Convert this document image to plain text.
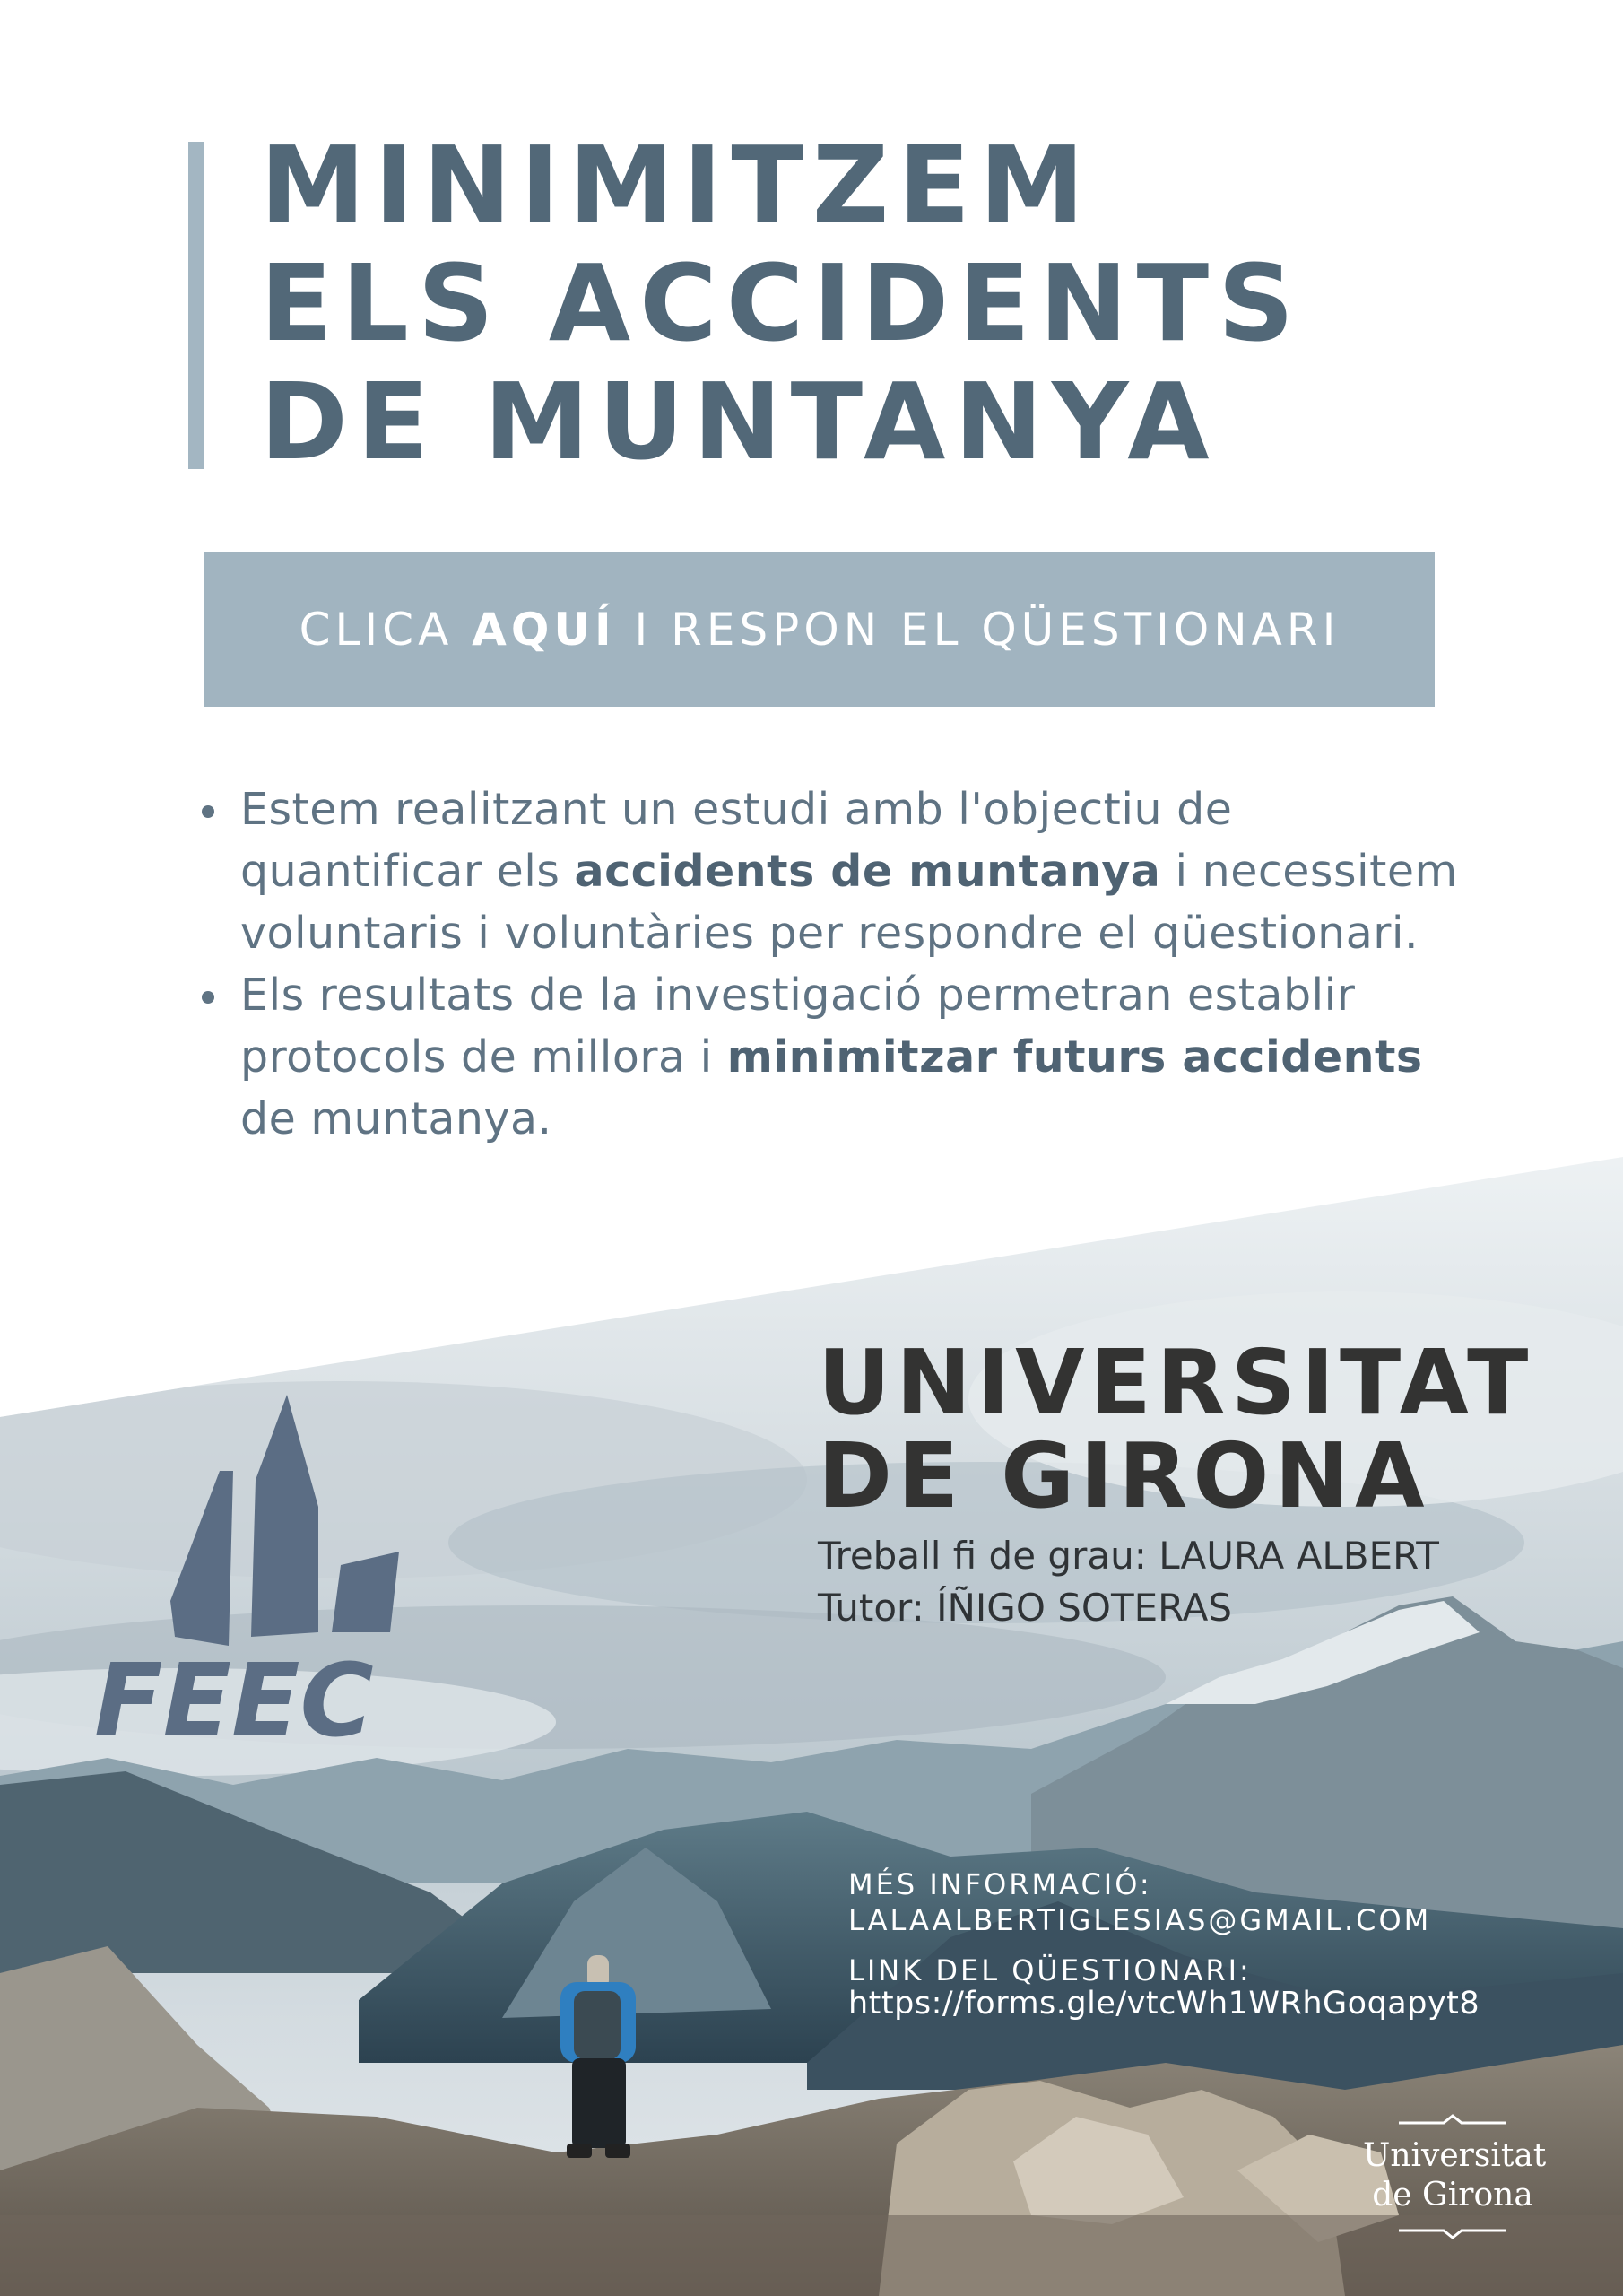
MINIMITZEM
ELS ACCIDENTS
DE MUNTANYA
CLICA AQUÍ I RESPON EL QÜESTIONARI
Estem realitzant un estudi amb l'objectiu de quantificar els accidents de muntanya i necessitem voluntaris i voluntàries per respondre el qüestionari.
Els resultats de la investigació permetran establir protocols de millora i minimitzar futurs accidents de muntanya.
FEEC
UNIVERSITAT
DE GIRONA
Treball fi de grau: LAURA ALBERT
Tutor: ÍÑIGO SOTERAS
MÉS INFORMACIÓ:
LALAALBERTIGLESIAS@GMAIL.COM
LINK DEL QÜESTIONARI:
https://forms.gle/vtcWh1WRhGoqapyt8
Universitat
de Girona
